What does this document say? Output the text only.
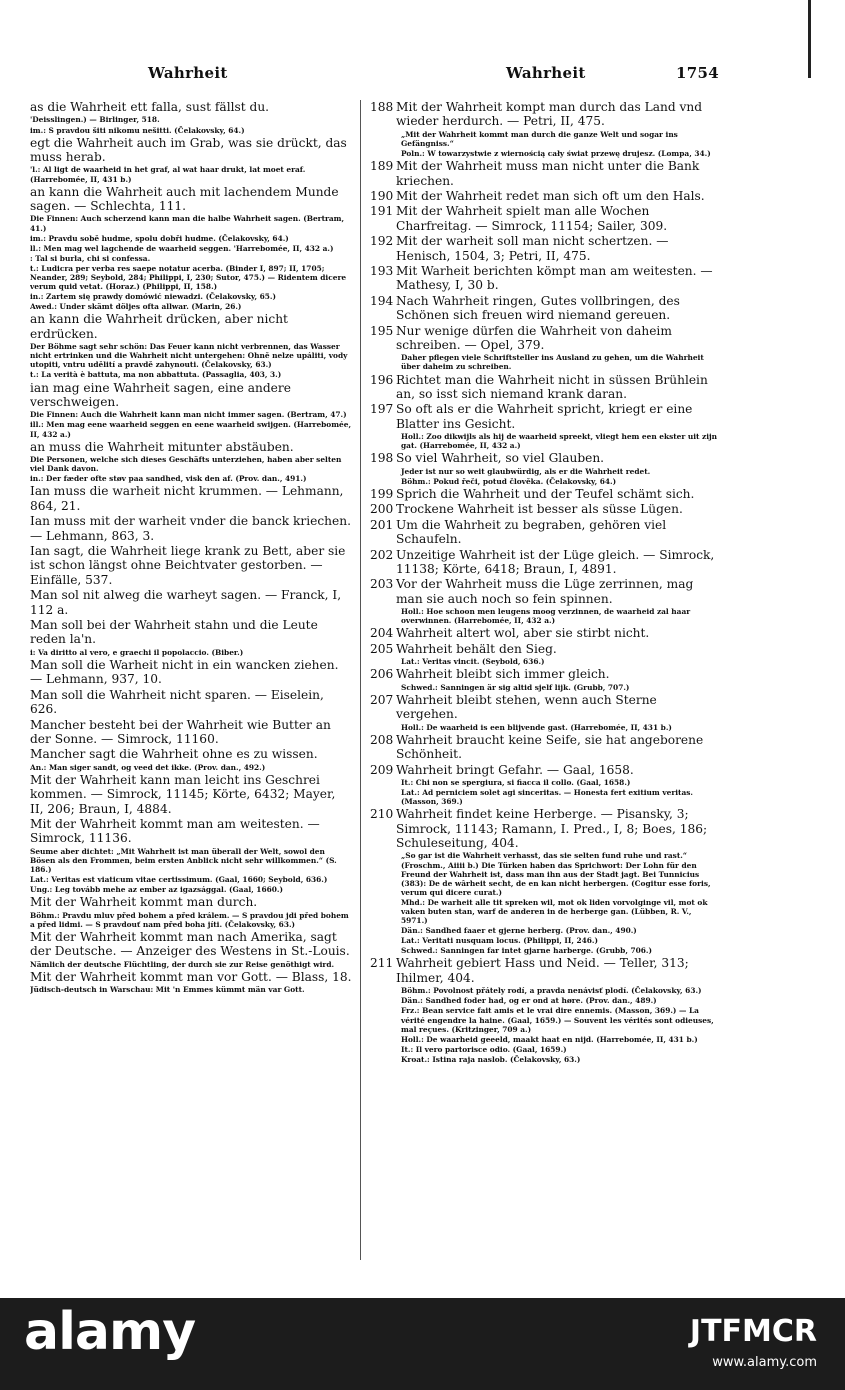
Wahrheit	Wahrheit	1754
as die Wahrheit ett falla, sust fällst du.
'Deisslingen.) — Birlinger, 518.
im.: S pravdou šiti nikomu nešitti. (Čelakovsky, 64.)
egt die Wahrheit auch im Grab, was sie drückt, das muss herab.
'l.: Al ligt de waarheid in het graf, al wat haar drukt, lat moet eraf. (Harrebomée, II, 431 b.)
an kann die Wahrheit auch mit lachendem Munde sagen. — Schlechta, 111.
Die Finnen: Auch scherzend kann man die halbe Wahrheit sagen. (Bertram, 41.)
im.: Pravdu sobě hudme, spolu dobři hudme. (Čelakovsky, 64.)
ll.: Men mag wel lagchende de waarheid seggen. 'Harrebomée, II, 432 a.)
: Tal si burla, chi si confessa.
t.: Ludicra per verba res saepe notatur acerba. (Binder I, 897; II, 1705; Neander, 289; Seybold, 284; Philippi, I, 230; Sutor, 475.) — Ridentem dicere verum quid vetat. (Horaz.) (Philippi, II, 158.)
in.: Zartem się prawdy domówić niewadzi. (Čelakovsky, 65.)
Awed.: Under skämt döljes ofta allwar. (Marin, 26.)
an kann die Wahrheit drücken, aber nicht erdrücken.
Der Böhme sagt sehr schön: Das Feuer kann nicht verbrennen, das Wasser nicht ertrinken und die Wahrheit nicht untergehen: Ohně nelze upáliti, vody utopiti, vntru udělití a pravdě zahynouti. (Čelakovsky, 63.)
t.: La verità è battuta, ma non abbattuta. (Passaglia, 403, 3.)
ian mag eine Wahrheit sagen, eine andere verschweigen.
Die Finnen: Auch die Wahrheit kann man nicht immer sagen. (Bertram, 47.)
ill.: Men mag eene waarheid seggen en eene waarheid swijgen. (Harrebomée, II, 432 a.)
an muss die Wahrheit mitunter abstäuben.
Die Personen, welche sich dieses Geschäfts unterziehen, haben aber selten viel Dank davon.
in.: Der fæder ofte støv paa sandhed, visk den af. (Prov. dan., 491.)
Ian muss die warheit nicht krummen. — Lehmann, 864, 21.
Ian muss mit der warheit vnder die banck kriechen. — Lehmann, 863, 3.
Ian sagt, die Wahrheit liege krank zu Bett, aber sie ist schon längst ohne Beichtvater gestorben. — Einfälle, 537.
Man sol nit alweg die warheyt sagen. — Franck, I, 112 a.
Man soll bei der Wahrheit stahn und die Leute reden la'n.
i: Va diritto al vero, e graechi il popolaccio. (Biber.)
Man soll die Warheit nicht in ein wancken ziehen. — Lehmann, 937, 10.
Man soll die Wahrheit nicht sparen. — Eiselein, 626.
Mancher besteht bei der Wahrheit wie Butter an der Sonne. — Simrock, 11160.
Mancher sagt die Wahrheit ohne es zu wissen.
An.: Man siger sandt, og veed det ikke. (Prov. dan., 492.)
Mit der Wahrheit kann man leicht ins Geschrei kommen. — Simrock, 11145; Körte, 6432; Mayer, II, 206; Braun, I, 4884.
Mit der Wahrheit kommt man am weitesten. — Simrock, 11136.
Seume aber dichtet: „Mit Wahrheit ist man überall der Welt, sowol den Bösen als den Frommen, beim ersten Anblick nicht sehr willkommen.“ (S. 186.)
Lat.: Veritas est viaticum vitae certissimum. (Gaal, 1660; Seybold, 636.)
Ung.: Leg tovább mehe az ember az igazsággal. (Gaal, 1660.)
Mit der Wahrheit kommt man durch.
Böhm.: Pravdu mluv před bohem a před králem. — S pravdou jdi před bohem a před lidmi. — S pravdouť nam před boha jíti. (Čelakovsky, 63.)
Mit der Wahrheit kommt man nach Amerika, sagt der Deutsche. — Anzeiger des Westens in St.-Louis.
Nämlich der deutsche Flüchtling, der durch sie zur Reise genöthigt wird.
Mit der Wahrheit kommt man vor Gott. — Blass, 18.
Jüdisch-deutsch in Warschau: Mit 'n Emmes kümmt män var Gott.
188 Mit der Wahrheit kompt man durch das Land vnd wieder herdurch. — Petri, II, 475.
„Mit der Wahrheit kommt man durch die ganze Welt und sogar ins Gefängniss.“
Poln.: W towarzystwie z wiernością cały świat przewę drujesz. (Lompa, 34.)
189 Mit der Wahrheit muss man nicht unter die Bank kriechen.
190 Mit der Wahrheit redet man sich oft um den Hals.
191 Mit der Wahrheit spielt man alle Wochen Charfreitag. — Simrock, 11154; Sailer, 309.
192 Mit der warheit soll man nicht schertzen. — Henisch, 1504, 3; Petri, II, 475.
193 Mit Warheit berichten kömpt man am weitesten. — Mathesy, I, 30 b.
194 Nach Wahrheit ringen, Gutes vollbringen, des Schönen sich freuen wird niemand gereuen.
195 Nur wenige dürfen die Wahrheit von daheim schreiben. — Opel, 379.
Daher pflegen viele Schriftsteller ins Ausland zu gehen, um die Wahrheit über daheim zu schreiben.
196 Richtet man die Wahrheit nicht in süssen Brühlein an, so isst sich niemand krank daran.
197 So oft als er die Wahrheit spricht, kriegt er eine Blatter ins Gesicht.
Holl.: Zoo dikwijls als hij de waarheid spreekt, vliegt hem een ekster uit zijn gat. (Harrebomée, II, 432 a.)
198 So viel Wahrheit, so viel Glauben.
Jeder ist nur so weit glaubwürdig, als er die Wahrheit redet.
Böhm.: Pokud řeči, potud člověka. (Čelakovsky, 64.)
199 Sprich die Wahrheit und der Teufel schämt sich.
200 Trockene Wahrheit ist besser als süsse Lügen.
201 Um die Wahrheit zu begraben, gehören viel Schaufeln.
202 Unzeitige Wahrheit ist der Lüge gleich. — Simrock, 11138; Körte, 6418; Braun, I, 4891.
203 Vor der Wahrheit muss die Lüge zerrinnen, mag man sie auch noch so fein spinnen.
Holl.: Hoe schoon men leugens moog verzinnen, de waarheid zal haar overwinnen. (Harrebomée, II, 432 a.)
204 Wahrheit altert wol, aber sie stirbt nicht.
205 Wahrheit behält den Sieg.
Lat.: Veritas vincit. (Seybold, 636.)
206 Wahrheit bleibt sich immer gleich.
Schwed.: Sanningen är sig altid sjelf lijk. (Grubb, 707.)
207 Wahrheit bleibt stehen, wenn auch Sterne vergehen.
Holl.: De waarheid is een blijvende gast. (Harrebomée, II, 431 b.)
208 Wahrheit braucht keine Seife, sie hat angeborene Schönheit.
209 Wahrheit bringt Gefahr. — Gaal, 1658.
It.: Chi non se spergiura, si fiacca il collo. (Gaal, 1658.)
Lat.: Ad perniciem solet agi sinceritas. — Honesta fert exitium veritas. (Masson, 369.)
210 Wahrheit findet keine Herberge. — Pisansky, 3; Simrock, 11143; Ramann, I. Pred., I, 8; Boes, 186; Schuleseitung, 404.
„So gar ist die Wahrheit verhasst, das sie selten fund ruhe und rast.“ (Froschm., Aiiii b.) Die Türken haben das Sprichwort: Der Lohn für den Freund der Wahrheit ist, dass man ihn aus der Stadt jagt. Bei Tunnicius (383): De de wârheit secht, de en kan nicht herbergen. (Cogitur esse foris, verum qui dicere curat.)
Mhd.: De warheit alle tit spreken wil, mot ok liden vorvolginge vil, mot ok vaken buten stan, warf de anderen in de herberge gan. (Lübben, R. V., 5971.)
Dän.: Sandhed faaer et gjerne herberg. (Prov. dan., 490.)
Lat.: Veritati nusquam locus. (Philippi, II, 246.)
Schwed.: Sanningen far intet gjarne harberge. (Grubb, 706.)
211 Wahrheit gebiert Hass und Neid. — Teller, 313; Ihilmer, 404.
Böhm.: Povolnost přátely rodí, a pravda nenávisť plodí. (Čelakovsky, 63.)
Dän.: Sandhed foder had, og er ond at høre. (Prov. dan., 489.)
Frz.: Bean service fait amis et le vrai dire ennemis. (Masson, 369.) — La vérité engendre la haine. (Gaal, 1659.) — Souvent les vérités sont odieuses, mal reçues. (Kritzinger, 709 a.)
Holl.: De waarheid geeeld, maakt haat en nijd. (Harrebomée, II, 431 b.)
It.: Il vero partorisce odio. (Gaal, 1659.)
Kroat.: Istina raja naslob. (Čelakovsky, 63.)
alamy	JTFMCR
www.alamy.com
